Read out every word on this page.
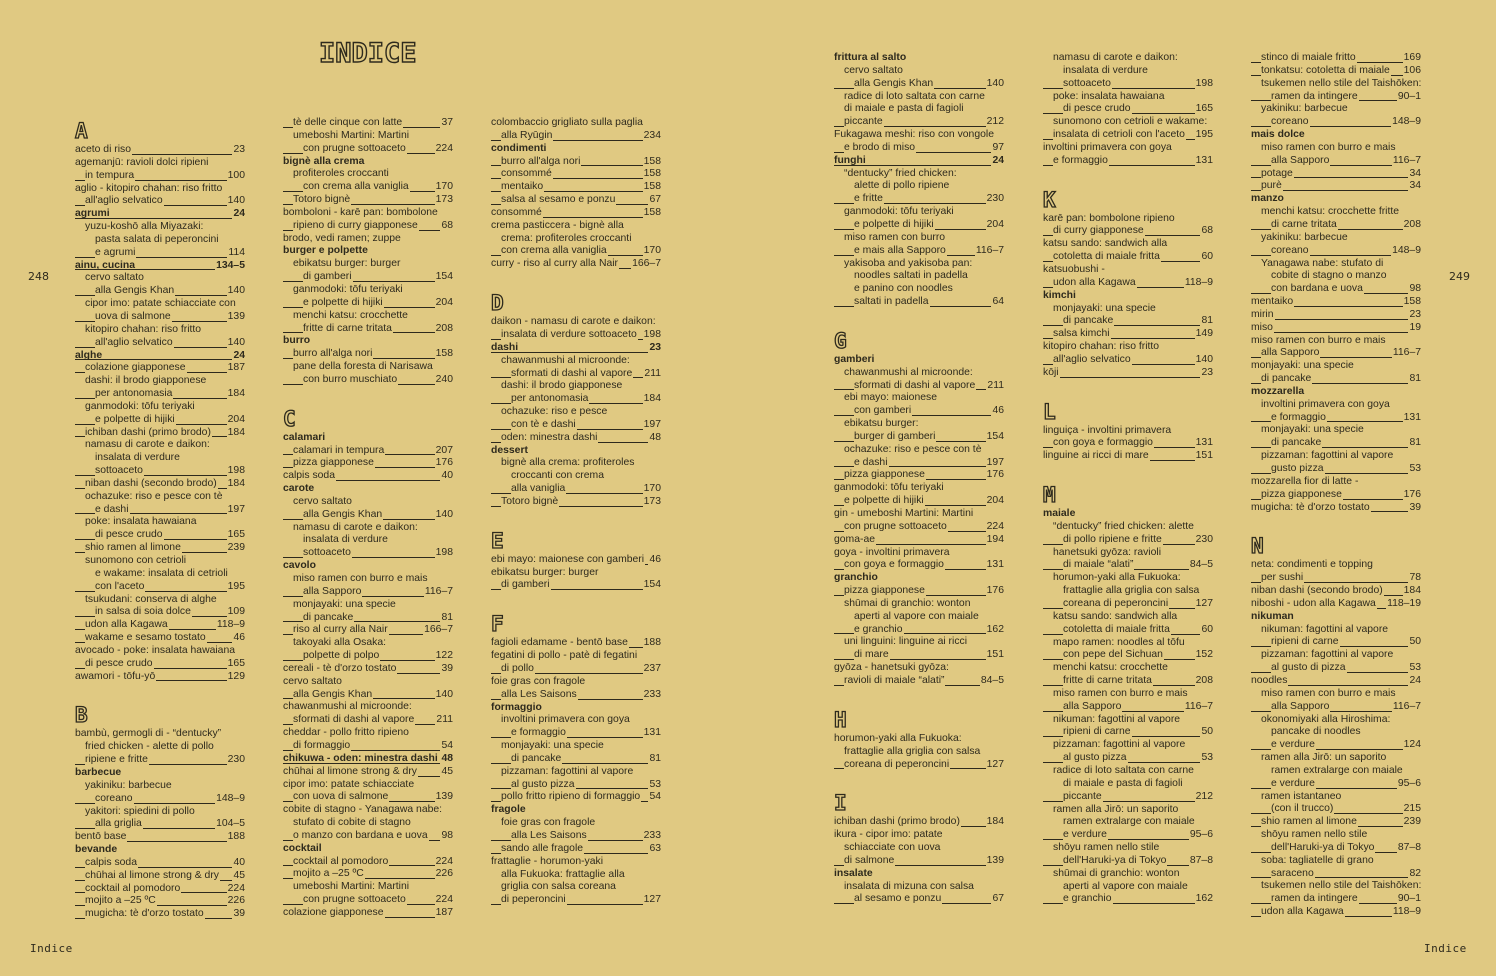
INDICE
248	249
Indice	Indice
A
aceto di riso	23
agemanjū: ravioli dolci ripieni
in tempura	100
aglio - kitopiro chahan: riso fritto
all'aglio selvatico	140
agrumi	24
yuzu-koshō alla Miyazaki:
pasta salata di peperoncini
e agrumi	114
ainu, cucina	134–5
cervo saltato
alla Gengis Khan	140
cipor imo: patate schiacciate con
uova di salmone	139
kitopiro chahan: riso fritto
all'aglio selvatico	140
alghe	24
colazione giapponese	187
dashi: il brodo giapponese
per antonomasia	184
ganmodoki: tōfu teriyaki
e polpette di hijiki	204
ichiban dashi (primo brodo) 184
namasu di carote e daikon:
insalata di verdure
sottoaceto	198
niban dashi (secondo brodo) 184
ochazuke: riso e pesce con tè
e dashi	197
poke: insalata hawaiana
di pesce crudo	165
shio ramen al limone	239
sunomono con cetrioli
e wakame: insalata di cetrioli
con l'aceto	195
tsukudani: conserva di alghe
in salsa di soia dolce	109
udon alla Kagawa	118–9
wakame e sesamo tostato	46
avocado - poke: insalata hawaiana
di pesce crudo	165
awamori - tōfu-yō	129
B
bambù, germogli di - “dentucky”
fried chicken - alette di pollo
ripiene e fritte	230
barbecue
yakiniku: barbecue
coreano	148–9
yakitori: spiedini di pollo
alla griglia	104–5
bentō base	188
bevande
calpis soda	40
chūhai al limone strong & dry 45
cocktail al pomodoro	224
mojito a –25 ºC	226
mugicha: tè d'orzo tostato	39
tè delle cinque con latte	37
umeboshi Martini: Martini
con prugne sottoaceto	224
bignè alla crema
profiteroles croccanti
con crema alla vaniglia	170
Totoro bignè	173
bomboloni - karē pan: bombolone
ripieno di curry giapponese 68
brodo, vedi ramen; zuppe
burger e polpette
ebikatsu burger: burger
di gamberi	154
ganmodoki: tōfu teriyaki
e polpette di hijiki	204
menchi katsu: crocchette
fritte di carne tritata	208
burro
burro all'alga nori	158
pane della foresta di Narisawa
con burro muschiato	240
C
calamari
calamari in tempura	207
pizza giapponese	176
calpis soda	40
carote
cervo saltato
alla Gengis Khan	140
namasu di carote e daikon:
insalata di verdure
sottoaceto	198
cavolo
miso ramen con burro e mais
alla Sapporo	116–7
monjayaki: una specie
di pancake	81
riso al curry alla Nair	166–7
takoyaki alla Osaka:
polpette di polpo	122
cereali - tè d'orzo tostato	39
cervo saltato
alla Gengis Khan	140
chawanmushi al microonde:
sformati di dashi al vapore 211
cheddar - pollo fritto ripieno
di formaggio	54
chikuwa - oden: minestra dashi 48
chūhai al limone strong & dry 45
cipor imo: patate schiacciate
con uova di salmone	139
cobite di stagno - Yanagawa nabe:
stufato di cobite di stagno
o manzo con bardana e uova 98
cocktail
cocktail al pomodoro	224
mojito a –25 ºC	226
umeboshi Martini: Martini
con prugne sottoaceto	224
colazione giapponese	187
colombaccio grigliato sulla paglia
alla Ryūgin	234
condimenti
burro all'alga nori	158
consommé	158
mentaiko	158
salsa al sesamo e ponzu	67
consommé	158
crema pasticcera - bignè alla
crema: profiteroles croccanti
con crema alla vaniglia	170
curry - riso al curry alla Nair 166–7
D
daikon - namasu di carote e daikon:
insalata di verdure sottoaceto 198
dashi	23
chawanmushi al microonde:
sformati di dashi al vapore 211
dashi: il brodo giapponese
per antonomasia	184
ochazuke: riso e pesce
con tè e dashi	197
oden: minestra dashi	48
dessert
bignè alla crema: profiteroles
croccanti con crema
alla vaniglia	170
Totoro bignè	173
E
ebi mayo: maionese con gamberi 46
ebikatsu burger: burger
di gamberi	154
F
fagioli edamame - bentō base 188
fegatini di pollo - patè di fegatini
di pollo	237
foie gras con fragole
alla Les Saisons	233
formaggio
involtini primavera con goya
e formaggio	131
monjayaki: una specie
di pancake	81
pizzaman: fagottini al vapore
al gusto pizza	53
pollo fritto ripieno di formaggio 54
fragole
foie gras con fragole
alla Les Saisons	233
sando alle fragole	63
frattaglie - horumon-yaki
alla Fukuoka: frattaglie alla
griglia con salsa coreana
di peperoncini	127
frittura al salto
cervo saltato
alla Gengis Khan	140
radice di loto saltata con carne
di maiale e pasta di fagioli
piccante	212
Fukagawa meshi: riso con vongole
e brodo di miso	97
funghi	24
“dentucky” fried chicken:
alette di pollo ripiene
e fritte	230
ganmodoki: tōfu teriyaki
e polpette di hijiki	204
miso ramen con burro
e mais alla Sapporo	116–7
yakisoba and yakisoba pan:
noodles saltati in padella
e panino con noodles
saltati in padella	64
G
gamberi
chawanmushi al microonde:
sformati di dashi al vapore 211
ebi mayo: maionese
con gamberi	46
ebikatsu burger:
burger di gamberi	154
ochazuke: riso e pesce con tè
e dashi	197
pizza giapponese	176
ganmodoki: tōfu teriyaki
e polpette di hijiki	204
gin - umeboshi Martini: Martini
con prugne sottoaceto	224
goma-ae	194
goya - involtini primavera
con goya e formaggio	131
granchio
pizza giapponese	176
shūmai di granchio: wonton
aperti al vapore con maiale
e granchio	162
uni linguini: linguine ai ricci
di mare	151
gyōza - hanetsuki gyōza:
ravioli di maiale “alati”	84–5
H
horumon-yaki alla Fukuoka:
frattaglie alla griglia con salsa
coreana di peperoncini	127
I
ichiban dashi (primo brodo)	184
ikura - cipor imo: patate
schiacciate con uova
di salmone	139
insalate
insalata di mizuna con salsa
al sesamo e ponzu	67
namasu di carote e daikon:
insalata di verdure
sottoaceto	198
poke: insalata hawaiana
di pesce crudo	165
sunomono con cetrioli e wakame:
insalata di cetrioli con l'aceto 195
involtini primavera con goya
e formaggio	131
K
karē pan: bombolone ripieno
di curry giapponese	68
katsu sando: sandwich alla
cotoletta di maiale fritta	60
katsuobushi -
udon alla Kagawa	118–9
kimchi
monjayaki: una specie
di pancake	81
salsa kimchi	149
kitopiro chahan: riso fritto
all'aglio selvatico	140
kōji	23
L
linguiça - involtini primavera
con goya e formaggio	131
linguine ai ricci di mare	151
M
maiale
“dentucky” fried chicken: alette
di pollo ripiene e fritte	230
hanetsuki gyōza: ravioli
di maiale “alati”	84–5
horumon-yaki alla Fukuoka:
frattaglie alla griglia con salsa
coreana di peperoncini	127
katsu sando: sandwich alla
cotoletta di maiale fritta	60
mapo ramen: noodles al tōfu
con pepe del Sichuan	152
menchi katsu: crocchette
fritte di carne tritata	208
miso ramen con burro e mais
alla Sapporo	116–7
nikuman: fagottini al vapore
ripieni di carne	50
pizzaman: fagottini al vapore
al gusto pizza	53
radice di loto saltata con carne
di maiale e pasta di fagioli
piccante	212
ramen alla Jirō: un saporito
ramen extralarge con maiale
e verdure	95–6
shōyu ramen nello stile
dell'Haruki-ya di Tokyo 87–8
shūmai di granchio: wonton
aperti al vapore con maiale
e granchio	162
stinco di maiale fritto	169
tonkatsu: cotoletta di maiale 106
tsukemen nello stile del Taishōken:
ramen da intingere	90–1
yakiniku: barbecue
coreano	148–9
mais dolce
miso ramen con burro e mais
alla Sapporo	116–7
potage	34
purè	34
manzo
menchi katsu: crocchette fritte
di carne tritata	208
yakiniku: barbecue
coreano	148–9
Yanagawa nabe: stufato di
cobite di stagno o manzo
con bardana e uova	98
mentaiko	158
mirin	23
miso	19
miso ramen con burro e mais
alla Sapporo	116–7
monjayaki: una specie
di pancake	81
mozzarella
involtini primavera con goya
e formaggio	131
monjayaki: una specie
di pancake	81
pizzaman: fagottini al vapore
gusto pizza	53
mozzarella fior di latte -
pizza giapponese	176
mugicha: tè d'orzo tostato	39
N
neta: condimenti e topping
per sushi	78
niban dashi (secondo brodo) 184
niboshi - udon alla Kagawa 118–19
nikuman
nikuman: fagottini al vapore
ripieni di carne	50
pizzaman: fagottini al vapore
al gusto di pizza	53
noodles	24
miso ramen con burro e mais
alla Sapporo	116–7
okonomiyaki alla Hiroshima:
pancake di noodles
e verdure	124
ramen alla Jirō: un saporito
ramen extralarge con maiale
e verdure	95–6
ramen istantaneo
(con il trucco)	215
shio ramen al limone	239
shōyu ramen nello stile
dell'Haruki-ya di Tokyo 87–8
soba: tagliatelle di grano
saraceno	82
tsukemen nello stile del Taishōken:
ramen da intingere	90–1
udon alla Kagawa	118–9
